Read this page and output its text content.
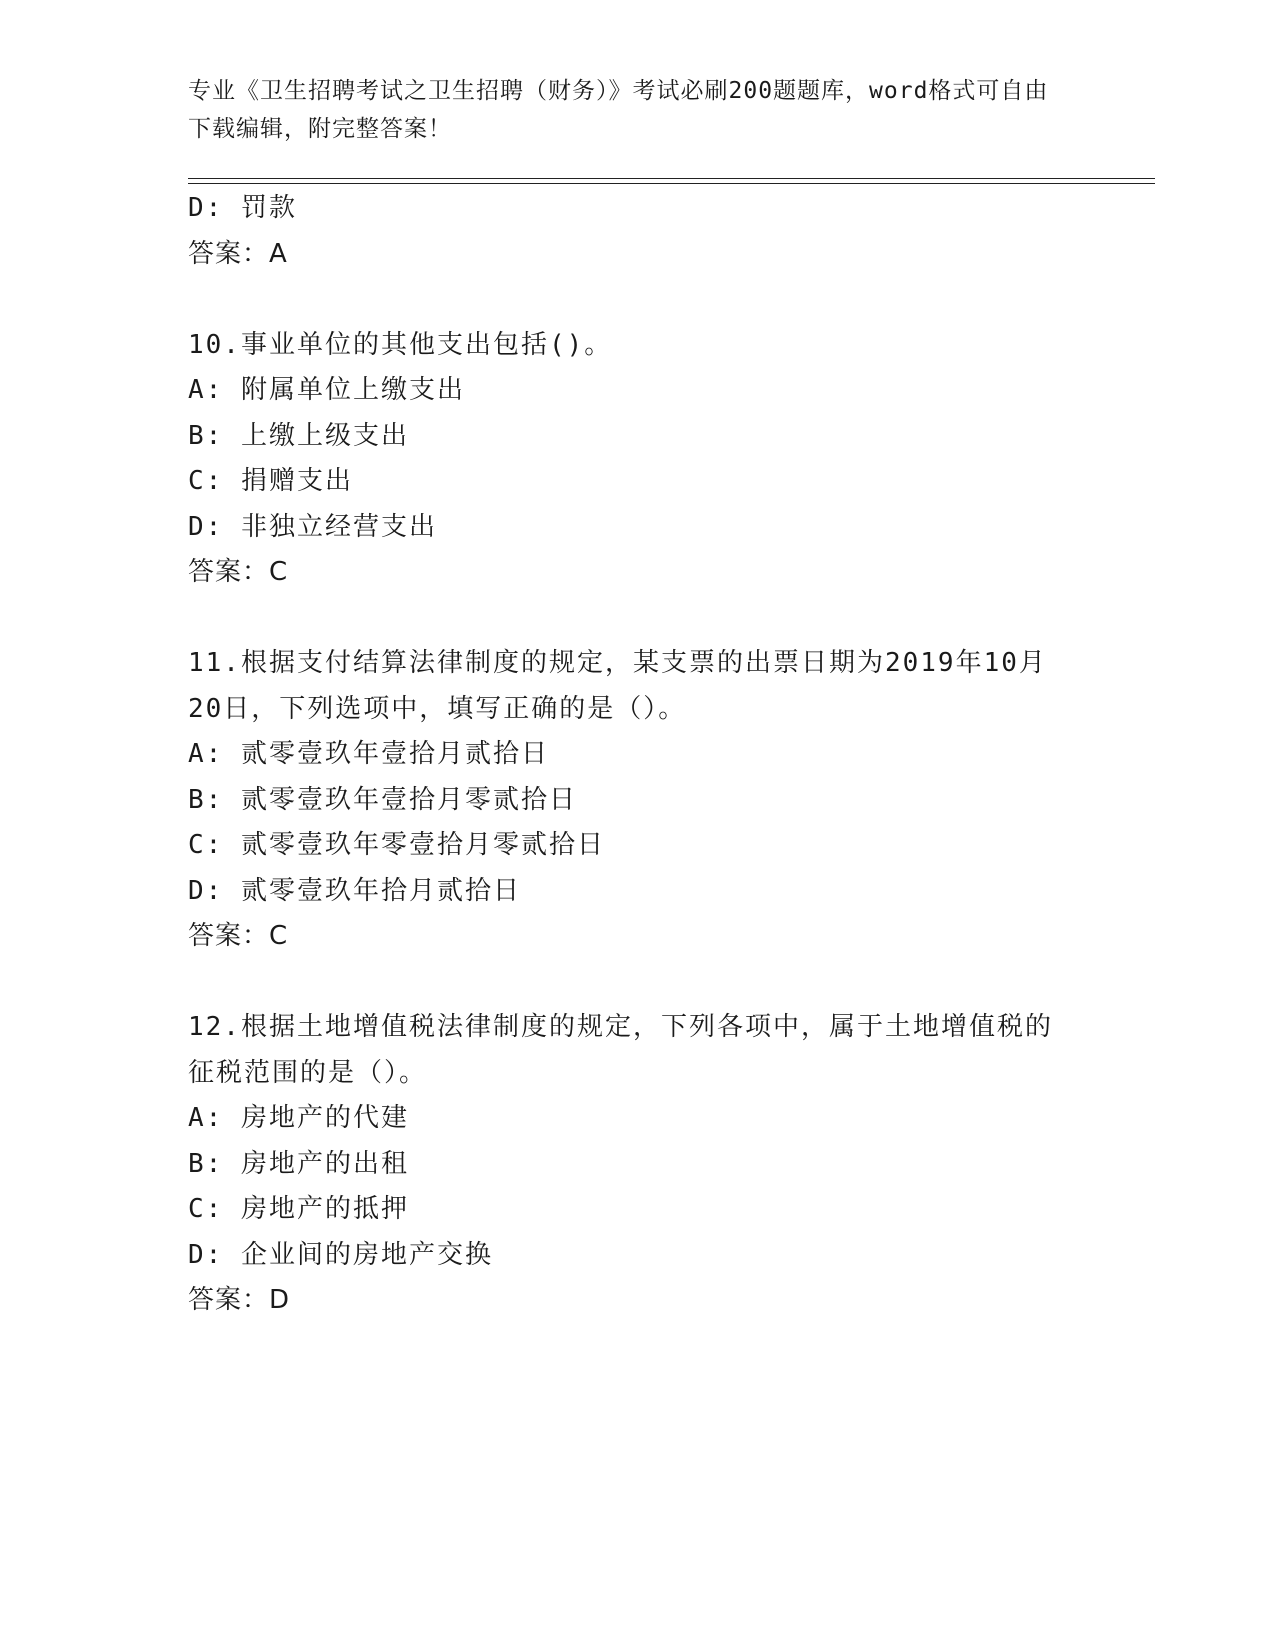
专业《卫生招聘考试之卫生招聘（财务）》考试必刷200题题库，word格式可自由下载编辑，附完整答案！
D: 罚款
答案：A
10.事业单位的其他支出包括()。
A: 附属单位上缴支出
B: 上缴上级支出
C: 捐赠支出
D: 非独立经营支出
答案：C
11.根据支付结算法律制度的规定，某支票的出票日期为2019年10月
20日，下列选项中，填写正确的是（）。
A: 贰零壹玖年壹拾月贰拾日
B: 贰零壹玖年壹拾月零贰拾日
C: 贰零壹玖年零壹拾月零贰拾日
D: 贰零壹玖年拾月贰拾日
答案：C
12.根据土地增值税法律制度的规定，下列各项中，属于土地增值税的
征税范围的是（）。
A: 房地产的代建
B: 房地产的出租
C: 房地产的抵押
D: 企业间的房地产交换
答案：D
